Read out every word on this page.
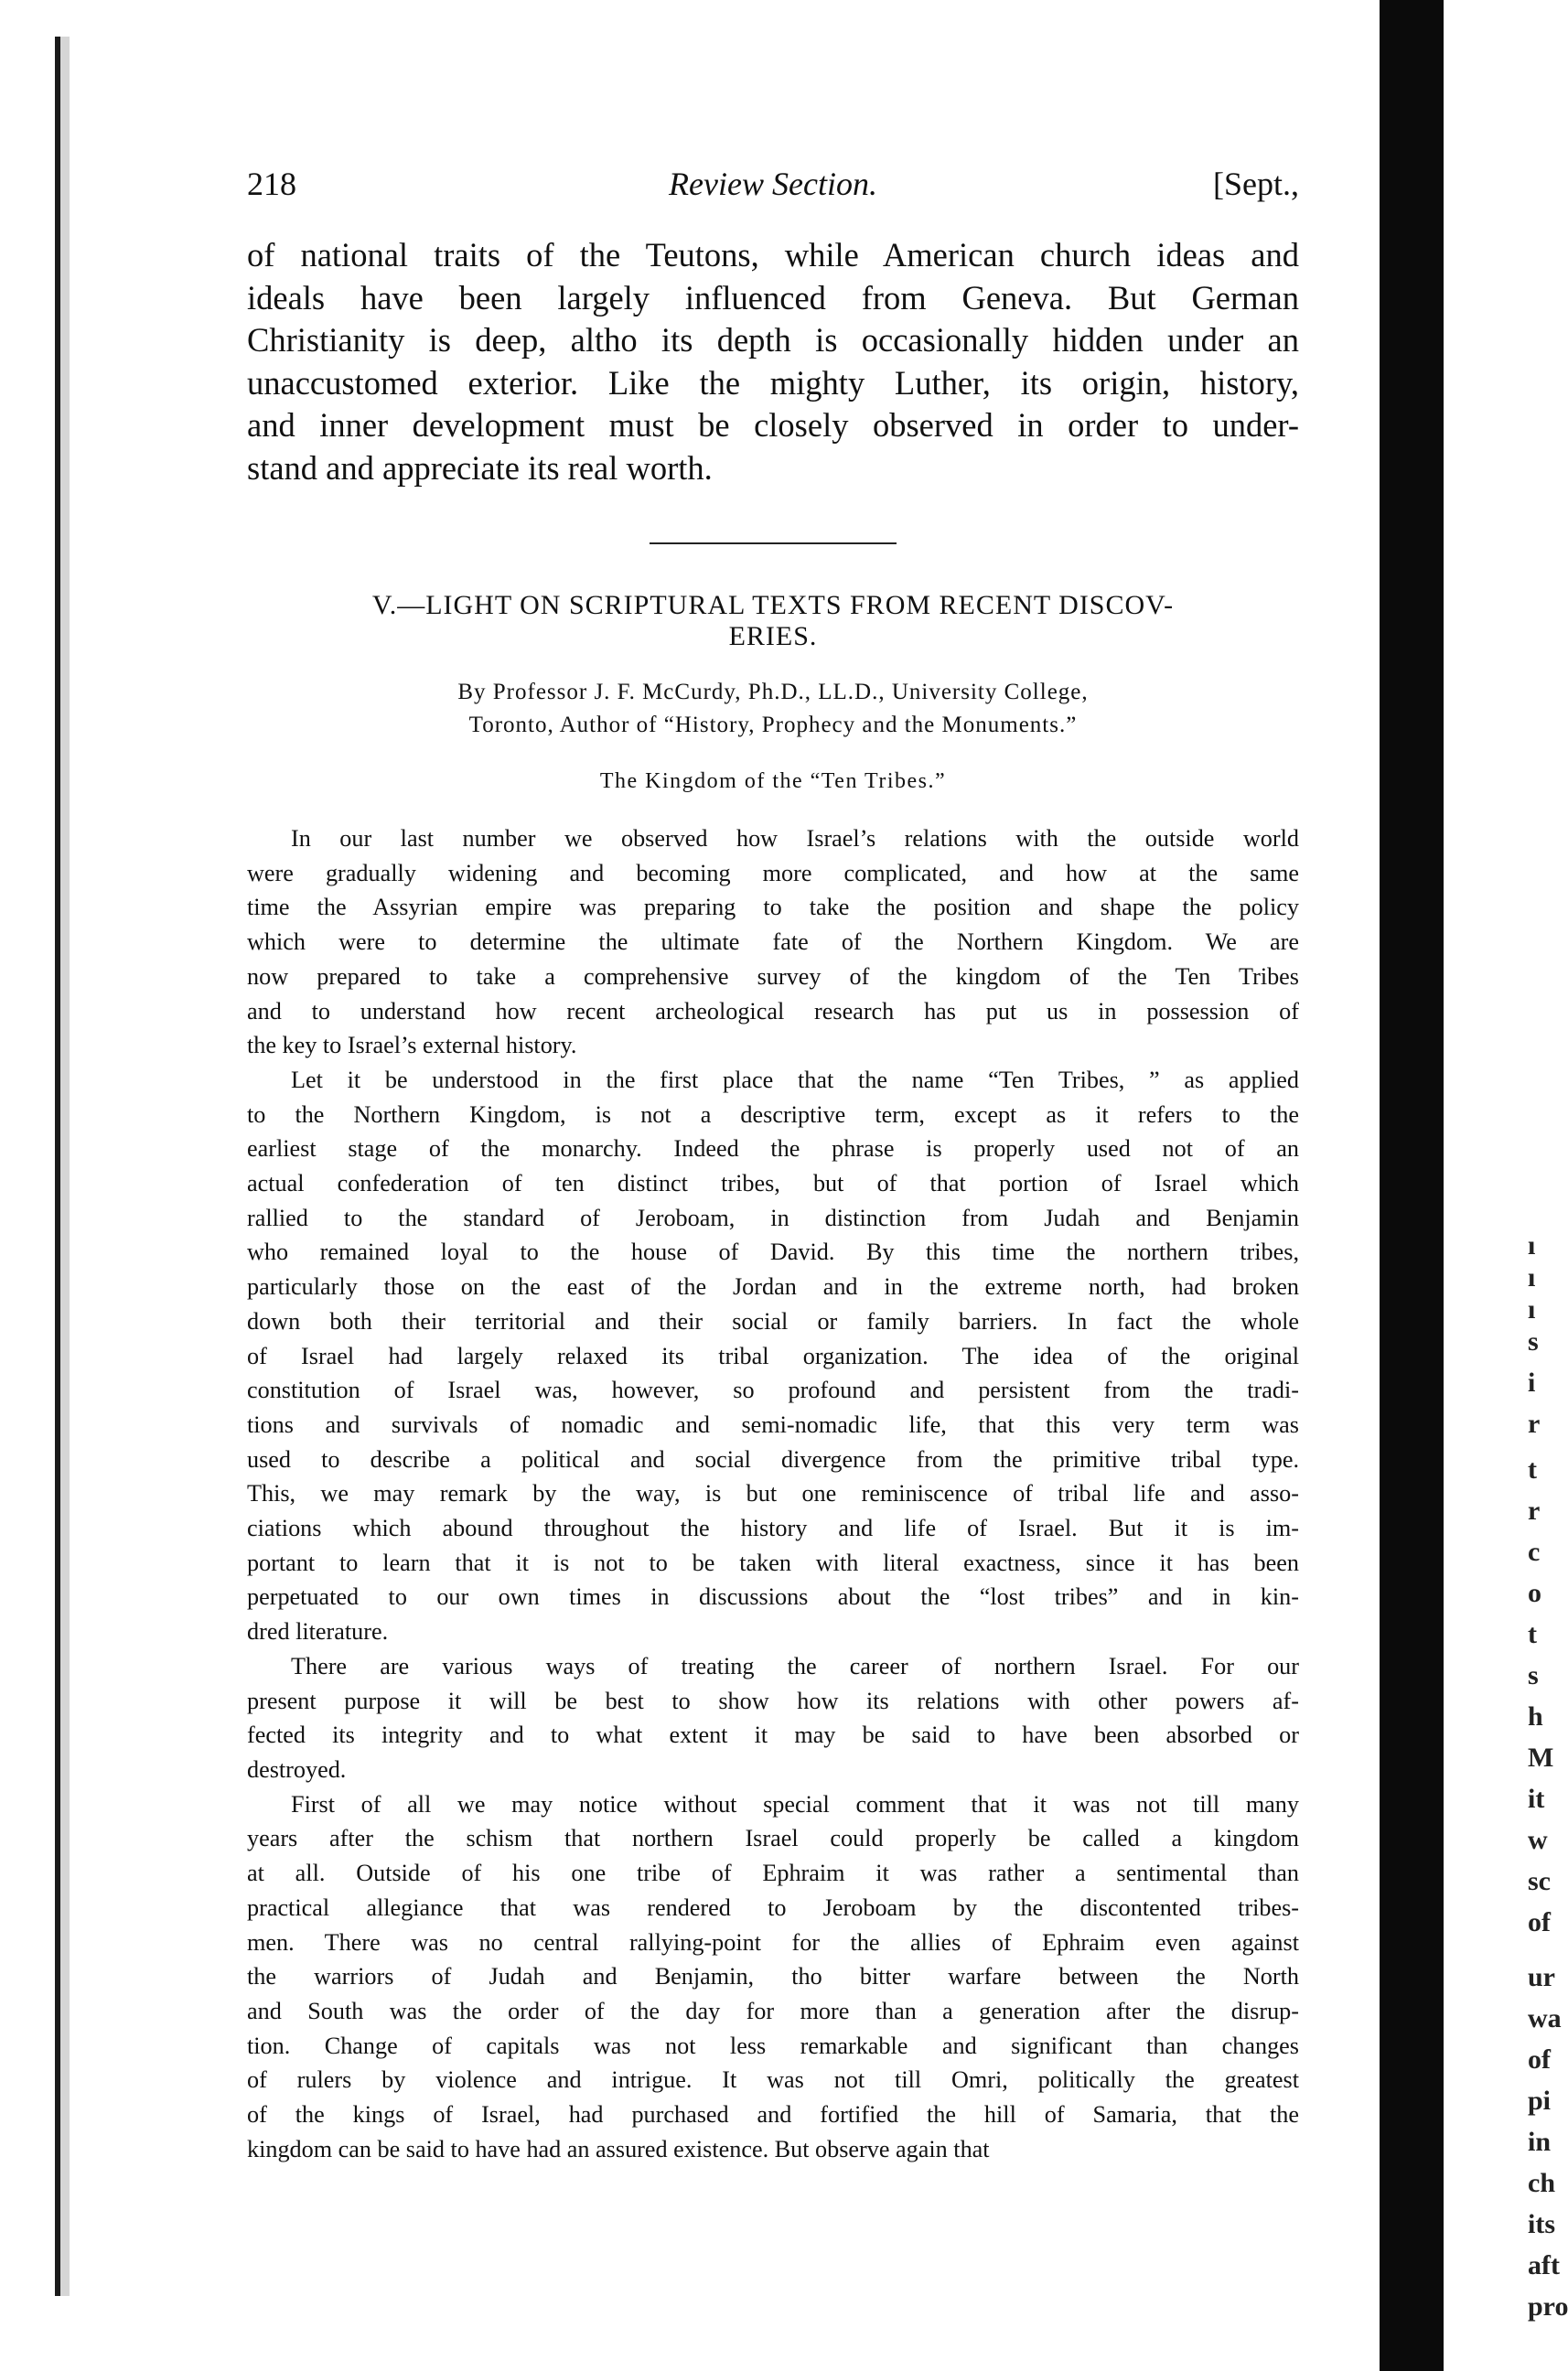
218	Review Section.	[Sept.,
of national traits of the Teutons, while American church ideas and
ideals have been largely influenced from Geneva. But German
Christianity is deep, altho its depth is occasionally hidden under an
unaccustomed exterior. Like the mighty Luther, its origin, history,
and inner development must be closely observed in order to under-
stand and appreciate its real worth.
V.—LIGHT ON SCRIPTURAL TEXTS FROM RECENT DISCOV-
ERIES.
By Professor J. F. McCurdy, Ph.D., LL.D., University College,
Toronto, Author of “History, Prophecy and the Monuments.”
The Kingdom of the “Ten Tribes.”

In our last number we observed how Israel’s relations with the outside world
were gradually widening and becoming more complicated, and how at the same
time the Assyrian empire was preparing to take the position and shape the policy
which were to determine the ultimate fate of the Northern Kingdom. We are
now prepared to take a comprehensive survey of the kingdom of the Ten Tribes
and to understand how recent archeological research has put us in possession of
the key to Israel’s external history.

Let it be understood in the first place that the name “Ten Tribes, ” as applied
to the Northern Kingdom, is not a descriptive term, except as it refers to the
earliest stage of the monarchy. Indeed the phrase is properly used not of an
actual confederation of ten distinct tribes, but of that portion of Israel which
rallied to the standard of Jeroboam, in distinction from Judah and Benjamin
who remained loyal to the house of David. By this time the northern tribes,
particularly those on the east of the Jordan and in the extreme north, had broken
down both their territorial and their social or family barriers. In fact the whole
of Israel had largely relaxed its tribal organization. The idea of the original
constitution of Israel was, however, so profound and persistent from the tradi-
tions and survivals of nomadic and semi-nomadic life, that this very term was
used to describe a political and social divergence from the primitive tribal type.
This, we may remark by the way, is but one reminiscence of tribal life and asso-
ciations which abound throughout the history and life of Israel. But it is im-
portant to learn that it is not to be taken with literal exactness, since it has been
perpetuated to our own times in discussions about the “lost tribes” and in kin-
dred literature.

There are various ways of treating the career of northern Israel. For our
present purpose it will be best to show how its relations with other powers af-
fected its integrity and to what extent it may be said to have been absorbed or
destroyed.

First of all we may notice without special comment that it was not till many
years after the schism that northern Israel could properly be called a kingdom
at all. Outside of his one tribe of Ephraim it was rather a sentimental than
practical allegiance that was rendered to Jeroboam by the discontented tribes-
men. There was no central rallying-point for the allies of Ephraim even against
the warriors of Judah and Benjamin, tho bitter warfare between the North
and South was the order of the day for more than a generation after the disrup-
tion. Change of capitals was not less remarkable and significant than changes
of rulers by violence and intrigue. It was not till Omri, politically the greatest
of the kings of Israel, had purchased and fortified the hill of Samaria, that the
kingdom can be said to have had an assured existence. But observe again that

ı
ı
ı
s
i
r
t
r
c
o
t
s
h
M
it
w
sc
of
ur
wa
of
pi
in
ch
its
aft
pro
